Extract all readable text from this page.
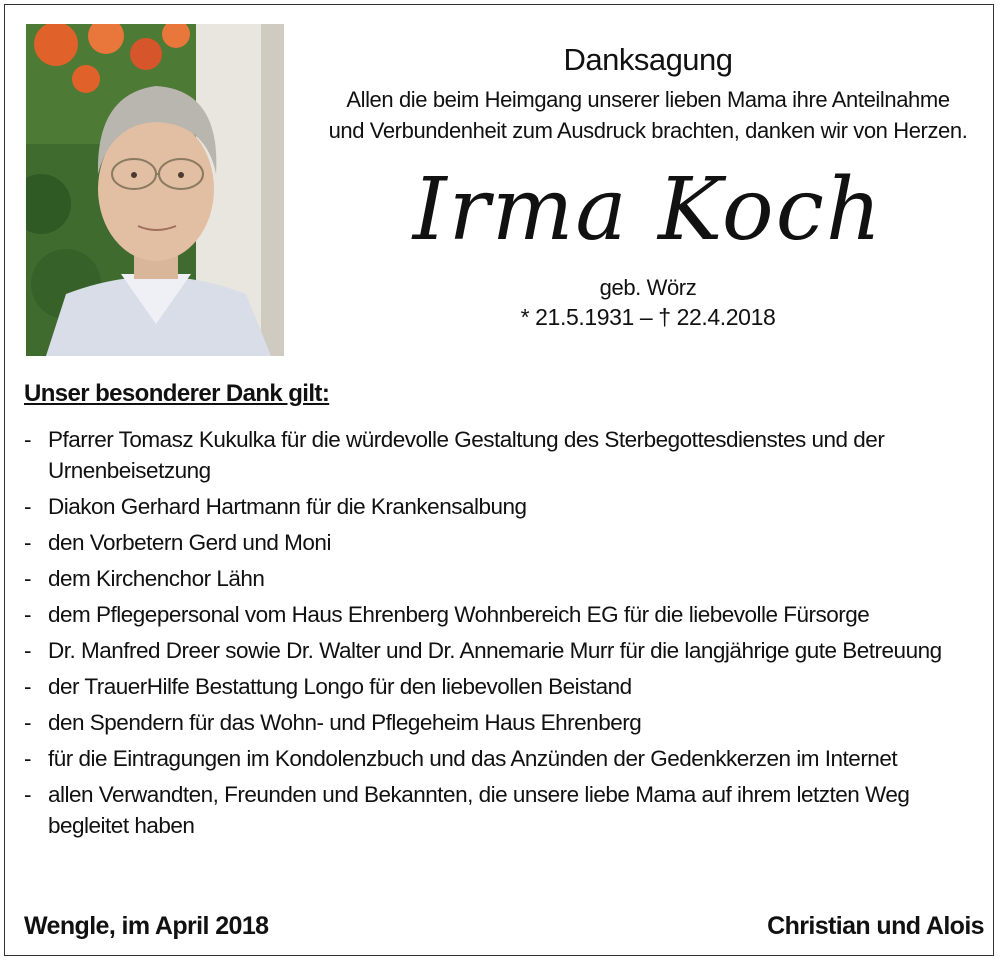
Danksagung
Allen die beim Heimgang unserer lieben Mama ihre Anteilnahme
und Verbundenheit zum Ausdruck brachten, danken wir von Herzen.
Irma Koch
geb. Wörz
* 21.5.1931 – † 22.4.2018
Unser besonderer Dank gilt:
- Pfarrer Tomasz Kukulka für die würdevolle Gestaltung des Sterbegottesdienstes und der Urnenbeisetzung
- Diakon Gerhard Hartmann für die Krankensalbung
- den Vorbetern Gerd und Moni
- dem Kirchenchor Lähn
- dem Pflegepersonal vom Haus Ehrenberg Wohnbereich EG für die liebevolle Fürsorge
- Dr. Manfred Dreer sowie Dr. Walter und Dr. Annemarie Murr für die langjährige gute Betreuung
- der TrauerHilfe Bestattung Longo für den liebevollen Beistand
- den Spendern für das Wohn- und Pflegeheim Haus Ehrenberg
- für die Eintragungen im Kondolenzbuch und das Anzünden der Gedenkkerzen im Internet
- allen Verwandten, Freunden und Bekannten, die unsere liebe Mama auf ihrem letzten Weg begleitet haben
Wengle, im April 2018	Christian und Alois
